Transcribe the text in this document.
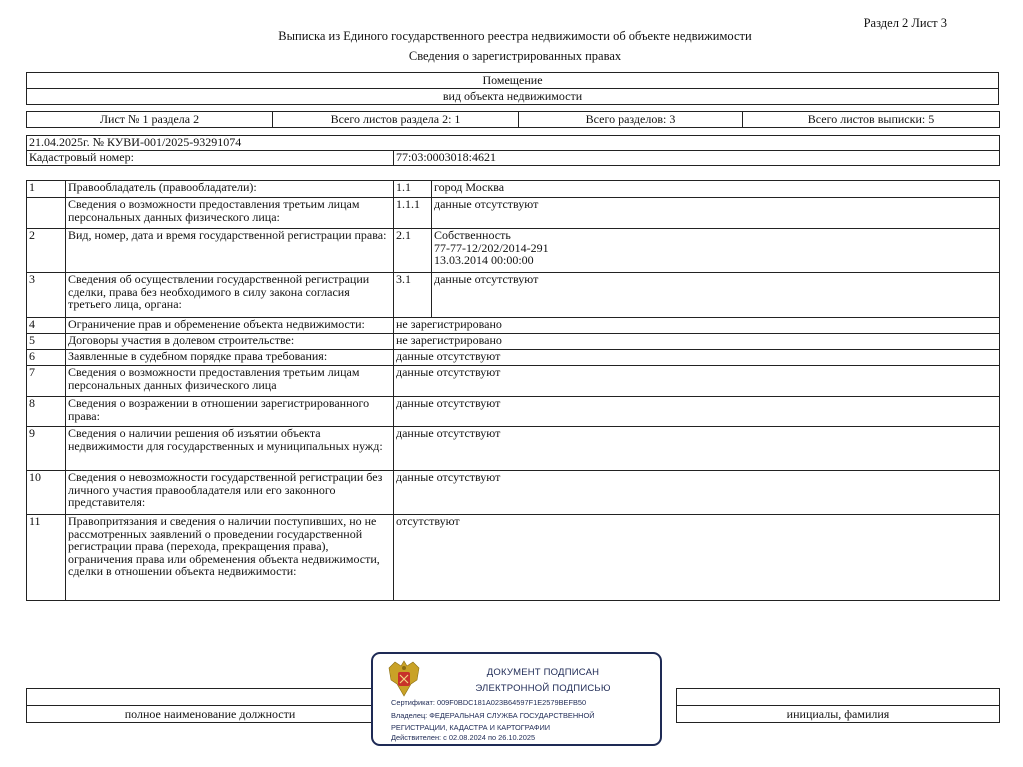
Раздел 2 Лист 3
Выписка из Единого государственного реестра недвижимости об объекте недвижимости
Сведения о зарегистрированных правах
Помещение
вид объекта недвижимости
Лист № 1 раздела 2	Всего листов раздела 2: 1	Всего разделов: 3	Всего листов выписки: 5
21.04.2025г. № КУВИ-001/2025-93291074
Кадастровый номер:	77:03:0003018:4621
1	Правообладатель (правообладатели):	1.1	город Москва
	Сведения о возможности предоставления третьим лицам персональных данных физического лица:	1.1.1	данные отсутствуют
2	Вид, номер, дата и время государственной регистрации права:	2.1	Собственность
77-77-12/202/2014-291
13.03.2014 00:00:00

3	Сведения об осуществлении государственной регистрации сделки, права без необходимого в силу закона согласия третьего лица, органа:	3.1	данные отсутствуют
4	Ограничение прав и обременение объекта недвижимости:	не зарегистрировано	
5	Договоры участия в долевом строительстве:	не зарегистрировано	
6	Заявленные в судебном порядке права требования:	данные отсутствуют	
7	Сведения о возможности предоставления третьим лицам персональных данных физического лица	данные отсутствуют	
8	Сведения о возражении в отношении зарегистрированного права:	данные отсутствуют	
9	Сведения о наличии решения об изъятии объекта недвижимости для государственных и муниципальных нужд:	данные отсутствуют	
10	Сведения о невозможности государственной регистрации без личного участия правообладателя или его законного представителя:	данные отсутствуют	
11	Правопритязания и сведения о наличии поступивших, но не рассмотренных заявлений о проведении государственной регистрации права (перехода, прекращения права), ограничения права или обременения объекта недвижимости, сделки в отношении объекта недвижимости:	отсутствуют	

полное наименование должности		инициалы, фамилия
ДОКУМЕНТ ПОДПИСАН
ЭЛЕКТРОННОЙ ПОДПИСЬЮ
Сертификат: 009F0BDC181A023B64597F1E2579BEFB50
Владелец: ФЕДЕРАЛЬНАЯ СЛУЖБА ГОСУДАРСТВЕННОЙ
РЕГИСТРАЦИИ, КАДАСТРА И КАРТОГРАФИИ
Действителен: с 02.08.2024 по 26.10.2025
